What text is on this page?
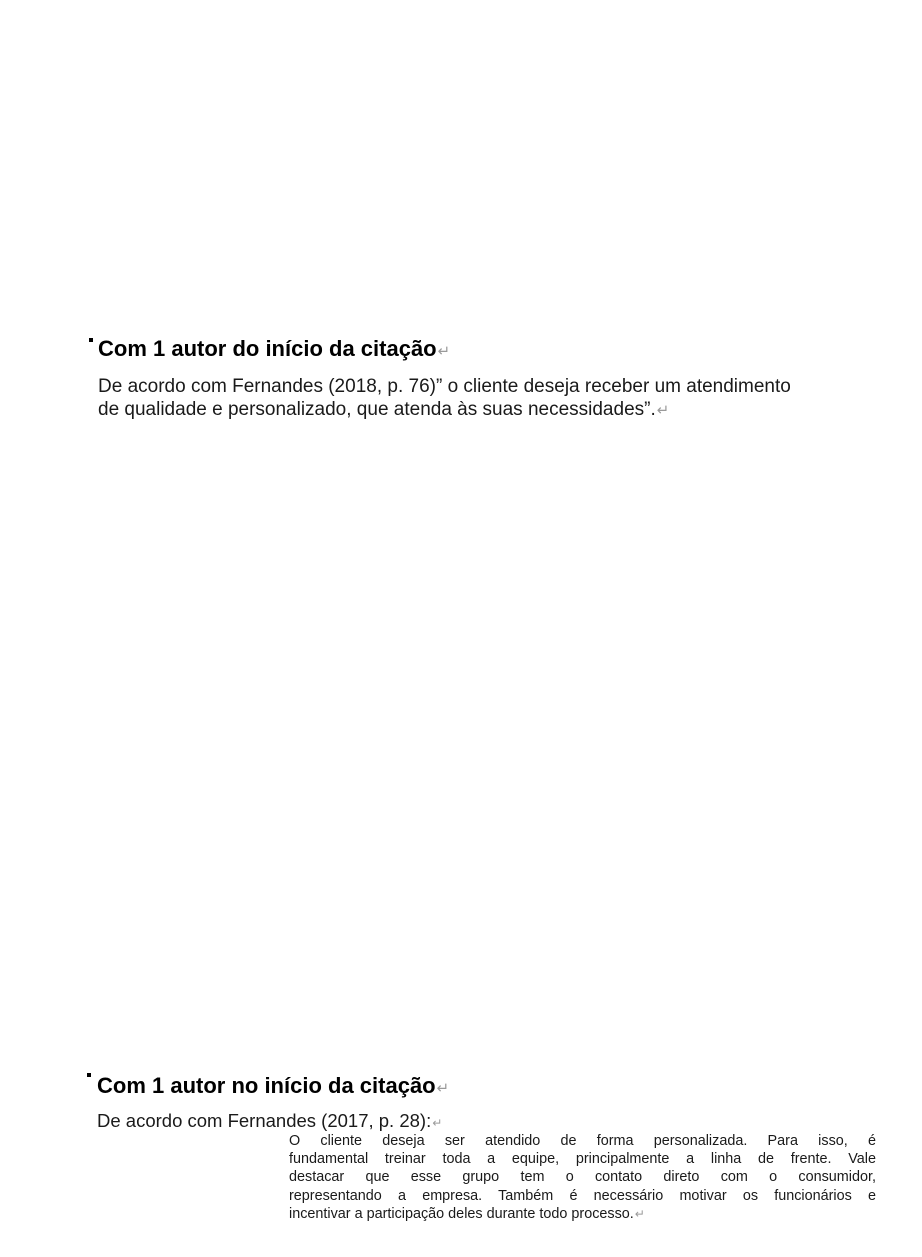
Com 1 autor do início da citação↵
De acordo com Fernandes (2018, p. 76)” o cliente deseja receber um atendimento
de qualidade e personalizado, que atenda às suas necessidades”.↵
Com 1 autor no início da citação↵
De acordo com Fernandes (2017, p. 28):↵
O cliente deseja ser atendido de forma personalizada. Para isso, é
fundamental treinar toda a equipe, principalmente a linha de frente. Vale
destacar que esse grupo tem o contato direto com o consumidor,
representando a empresa. Também é necessário motivar os funcionários e
incentivar a participação deles durante todo processo.↵
